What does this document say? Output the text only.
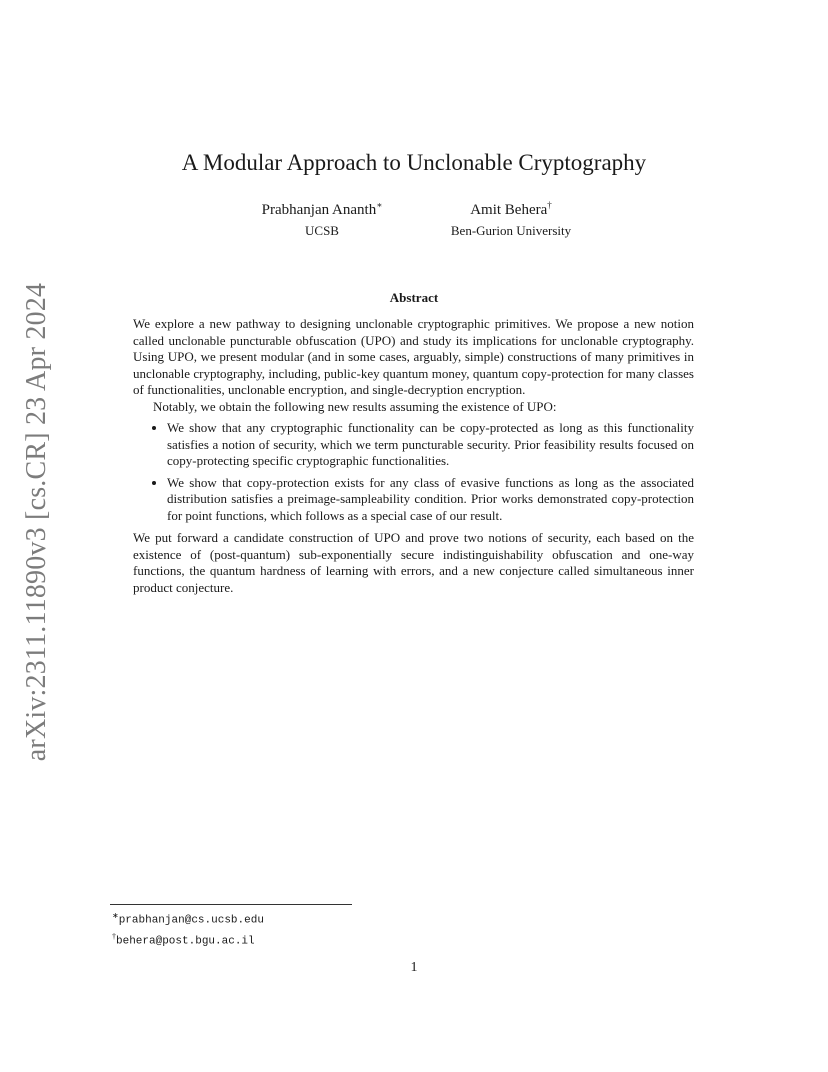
arXiv:2311.11890v3 [cs.CR] 23 Apr 2024
A Modular Approach to Unclonable Cryptography
Prabhanjan Ananth∗
UCSB
Amit Behera†
Ben-Gurion University
Abstract

We explore a new pathway to designing unclonable cryptographic primitives. We propose a new notion called unclonable puncturable obfuscation (UPO) and study its implications for unclonable cryptography. Using UPO, we present modular (and in some cases, arguably, simple) constructions of many primitives in unclonable cryptography, including, public-key quantum money, quantum copy-protection for many classes of functionalities, unclonable encryption, and single-decryption encryption.

Notably, we obtain the following new results assuming the existence of UPO:

• We show that any cryptographic functionality can be copy-protected as long as this functionality satisfies a notion of security, which we term puncturable security. Prior feasibility results focused on copy-protecting specific cryptographic functionalities.
• We show that copy-protection exists for any class of evasive functions as long as the associated distribution satisfies a preimage-sampleability condition. Prior works demonstrated copy-protection for point functions, which follows as a special case of our result.

We put forward a candidate construction of UPO and prove two notions of security, each based on the existence of (post-quantum) sub-exponentially secure indistinguishability obfuscation and one-way functions, the quantum hardness of learning with errors, and a new conjecture called simultaneous inner product conjecture.

∗prabhanjan@cs.ucsb.edu
†behera@post.bgu.ac.il
1
